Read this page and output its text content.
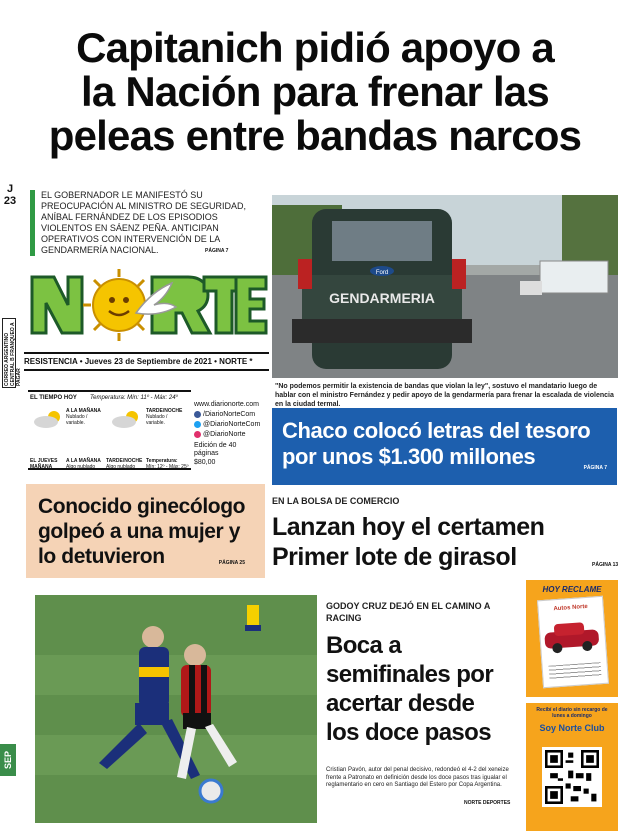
Capitanich pidió apoyo a
la Nación para frenar las
peleas entre bandas narcos
J
23
CORREO ARGENTINO CENTRAL B FRANQUEO A PAGAR
SEP
EL GOBERNADOR LE MANIFESTÓ SU PREOCUPACIÓN AL MINISTRO DE SEGURIDAD, ANÍBAL FERNÁNDEZ DE LOS EPISODIOS VIOLENTOS EN SÁENZ PEÑA. ANTICIPAN OPERATIVOS CON INTERVENCIÓN DE LA GENDARMERÍA NACIONAL.	PÁGINA 7
RESISTENCIA • Jueves 23 de Septiembre de 2021 • NORTE *
GENDARMERIA
Ford
"No podemos permitir la existencia de bandas que violan la ley", sostuvo el mandatario luego de hablar con el ministro Fernández y pedir apoyo de la gendarmería para frenar la escalada de violencia en la ciudad termal.
EL TIEMPO HOY Temperatura: Mín: 11º - Máx: 24º
A LA MAÑANA
Nublado / variable.
TARDE/NOCHE
Nublado / variable.
EL JUEVES
MAÑANA
A LA MAÑANA
Algo nublado
TARDE/NOCHE
Algo nublado
Temperatura:
Mín: 12º - Máx: 25º
www.diarionorte.com
/DiarioNorteCom
@DiarioNorteCom
@DiarioNorte
Edición de 40 páginas
$80,00
Chaco colocó letras del tesoro por unos $1.300 millones	PÁGINA 7
Conocido ginecólogo golpeó a una mujer y lo detuvieron	PÁGINA 25
EN LA BOLSA DE COMERCIO
Lanzan hoy el certamen
Primer lote de girasol	PÁGINA 13
GODOY CRUZ DEJÓ EN EL CAMINO A RACING
Boca a
semifinales por
acertar desde
los doce pasos
Cristian Pavón, autor del penal decisivo, redondeó el 4-2 del xeneize frente a Patronato en definición desde los doce pasos tras igualar el reglamentario en cero en Santiago del Estero por Copa Argentina.
NORTE DEPORTES
HOY RECLAME
Autos Norte
Recibí el diario sin recargo de lunes a domingo
Soy Norte Club
